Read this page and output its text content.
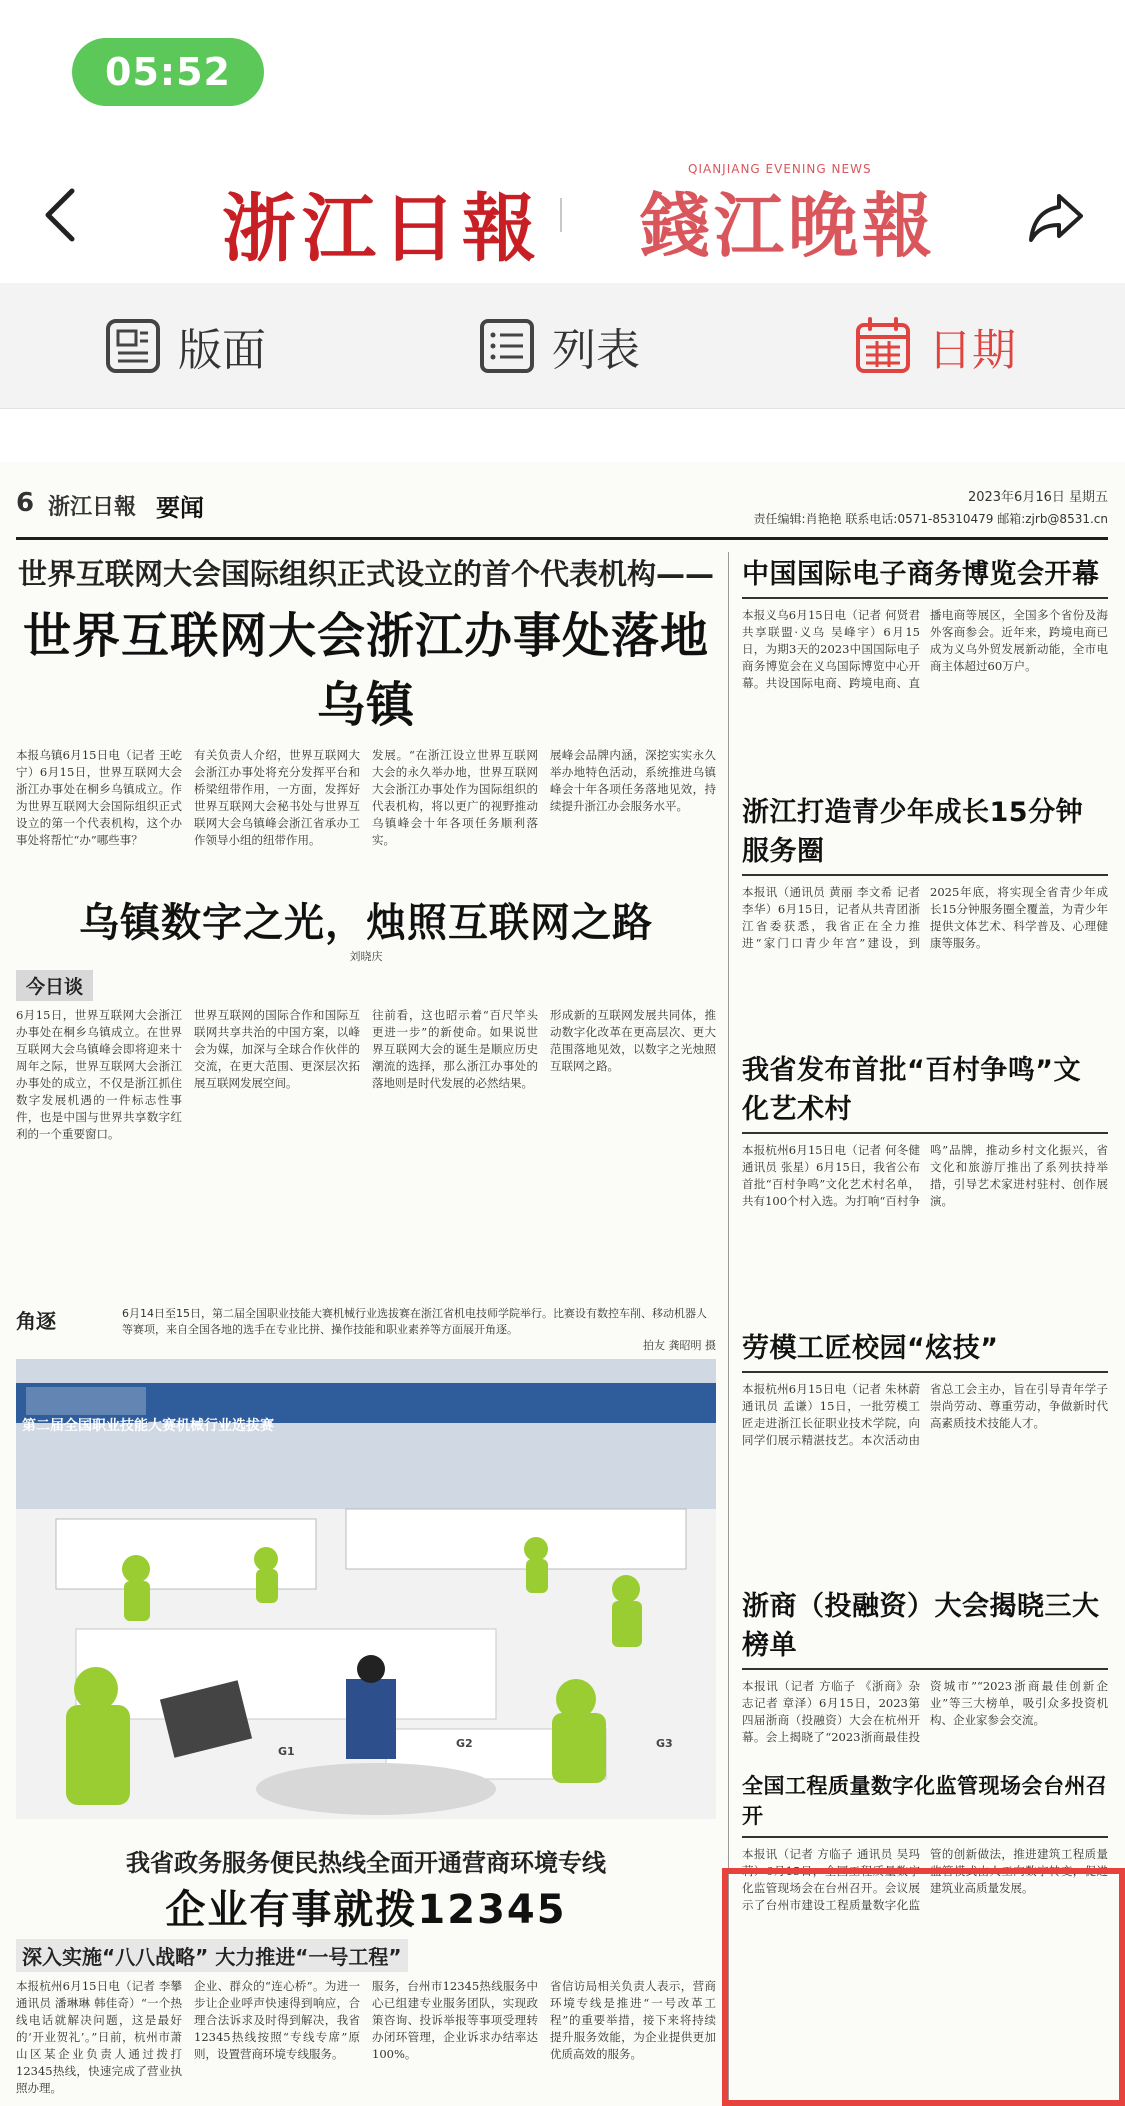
05:52
浙江日報 錢江晚報
QIANJIANG EVENING NEWS
版面	列表	日期
6 浙江日報 要闻	2023年6月16日 星期五
责任编辑:肖艳艳 联系电话:0571-85310479 邮箱:zjrb@8531.cn
世界互联网大会国际组织正式设立的首个代表机构——
世界互联网大会浙江办事处落地乌镇
本报乌镇6月15日电（记者 王屹宁）6月15日，世界互联网大会浙江办事处在桐乡乌镇成立。作为世界互联网大会国际组织正式设立的第一个代表机构，这个办事处将帮忙“办”哪些事？
有关负责人介绍，世界互联网大会浙江办事处将充分发挥平台和桥梁纽带作用，一方面，发挥好世界互联网大会秘书处与世界互联网大会乌镇峰会浙江省承办工作领导小组的纽带作用。
发展。“在浙江设立世界互联网大会的永久举办地，世界互联网大会浙江办事处作为国际组织的代表机构，将以更广的视野推动乌镇峰会十年各项任务顺利落实。
展峰会品牌内涵，深挖实实永久举办地特色活动，系统推进乌镇峰会十年各项任务落地见效，持续提升浙江办会服务水平。
乌镇数字之光，烛照互联网之路
刘晓庆
今日谈
6月15日，世界互联网大会浙江办事处在桐乡乌镇成立。在世界互联网大会乌镇峰会即将迎来十周年之际，世界互联网大会浙江办事处的成立，不仅是浙江抓住数字发展机遇的一件标志性事件，也是中国与世界共享数字红利的一个重要窗口。
世界互联网的国际合作和国际互联网共享共治的中国方案，以峰会为媒，加深与全球合作伙伴的交流，在更大范围、更深层次拓展互联网发展空间。
往前看，这也昭示着“百尺竿头更进一步”的新使命。如果说世界互联网大会的诞生是顺应历史潮流的选择，那么浙江办事处的落地则是时代发展的必然结果。
形成新的互联网发展共同体，推动数字化改革在更高层次、更大范围落地见效，以数字之光烛照互联网之路。
角逐	6月14日至15日，第二届全国职业技能大赛机械行业选拔赛在浙江省机电技师学院举行。比赛设有数控车削、移动机器人等赛项，来自全国各地的选手在专业比拼、操作技能和职业素养等方面展开角逐。
拍友 龚昭明 摄
第二届全国职业技能大赛机械行业选拔赛
G1
G2	G3
我省政务服务便民热线全面开通营商环境专线
企业有事就拨12345
深入实施“八八战略” 大力推进“一号工程”
本报杭州6月15日电（记者 李攀 通讯员 潘琳琳 韩佳奇）“一个热线电话就解决问题，这是最好的‘开业贺礼’。”日前，杭州市萧山区某企业负责人通过拨打12345热线，快速完成了营业执照办理。
企业、群众的“连心桥”。为进一步让企业呼声快速得到响应，合理合法诉求及时得到解决，我省12345热线按照“专线专席”原则，设置营商环境专线服务。
服务，台州市12345热线服务中心已组建专业服务团队，实现政策咨询、投诉举报等事项受理转办闭环管理，企业诉求办结率达100%。
省信访局相关负责人表示，营商环境专线是推进“一号改革工程”的重要举措，接下来将持续提升服务效能，为企业提供更加优质高效的服务。
中国国际电子商务博览会开幕
本报义乌6月15日电（记者 何贤君 共享联盟·义乌 吴峰宇）6月15日，为期3天的2023中国国际电子商务博览会在义乌国际博览中心开幕。共设国际电商、跨境电商、直播电商等展区，全国多个省份及海外客商参会。近年来，跨境电商已成为义乌外贸发展新动能，全市电商主体超过60万户。
浙江打造青少年成长15分钟服务圈
本报讯（通讯员 黄丽 李文希 记者 李华）6月15日，记者从共青团浙江省委获悉，我省正在全力推进“家门口青少年宫”建设，到2025年底，将实现全省青少年成长15分钟服务圈全覆盖，为青少年提供文体艺术、科学普及、心理健康等服务。
我省发布首批“百村争鸣”文化艺术村
本报杭州6月15日电（记者 何冬健 通讯员 张星）6月15日，我省公布首批“百村争鸣”文化艺术村名单，共有100个村入选。为打响“百村争鸣”品牌，推动乡村文化振兴，省文化和旅游厅推出了系列扶持举措，引导艺术家进村驻村、创作展演。
劳模工匠校园“炫技”
本报杭州6月15日电（记者 朱林蔚 通讯员 孟谦）15日，一批劳模工匠走进浙江长征职业技术学院，向同学们展示精湛技艺。本次活动由省总工会主办，旨在引导青年学子崇尚劳动、尊重劳动，争做新时代高素质技术技能人才。
浙商（投融资）大会揭晓三大榜单
本报讯（记者 方临子 《浙商》杂志记者 章泽）6月15日，2023第四届浙商（投融资）大会在杭州开幕。会上揭晓了“2023浙商最佳投资城市”“2023浙商最佳创新企业”等三大榜单，吸引众多投资机构、企业家参会交流。
全国工程质量数字化监管现场会台州召开
本报讯（记者 方临子 通讯员 吴玛莉）6月15日，全国工程质量数字化监管现场会在台州召开。会议展示了台州市建设工程质量数字化监管的创新做法，推进建筑工程质量监管模式由人工向数字转变，促进建筑业高质量发展。
